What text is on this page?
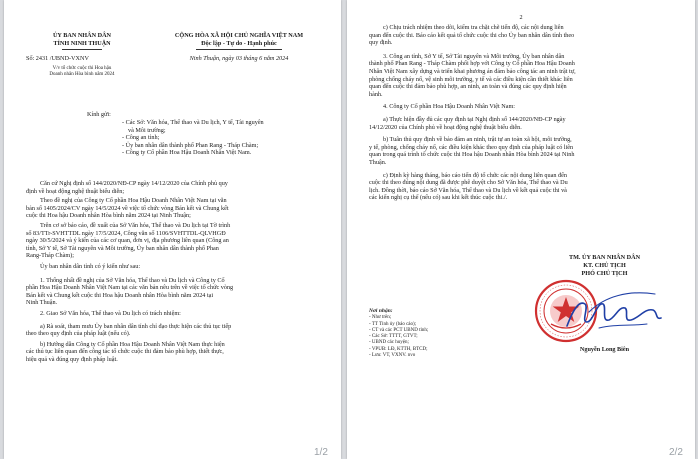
ỦY BAN NHÂN DÂN
TỈNH NINH THUẬN
CỘNG HÒA XÃ HỘI CHỦ NGHĨA VIỆT NAM
Độc lập - Tự do - Hạnh phúc
Số: 2431 /UBND-VXNV	Ninh Thuận, ngày 03 tháng 6 năm 2024
V/v tổ chức cuộc thi Hoa hậu
Doanh nhân Hòa bình năm 2024
Kính gửi:
- Các Sở: Văn hóa, Thể thao và Du lịch, Y tế, Tài nguyên
và Môi trường;
- Công an tỉnh;
- Ủy ban nhân dân thành phố Phan Rang - Tháp Chàm;
- Công ty Cổ phần Hoa Hậu Doanh Nhân Việt Nam.
Căn cứ Nghị định số 144/2020/NĐ-CP ngày 14/12/2020 của Chính phủ quy
định về hoạt động nghệ thuật biểu diễn;
Theo đề nghị của Công ty Cổ phần Hoa Hậu Doanh Nhân Việt Nam tại văn
bản số 1405/2024/CV ngày 14/5/2024 về việc tổ chức vòng Bán kết và Chung kết
cuộc thi Hoa hậu Doanh nhân Hòa bình năm 2024 tại Ninh Thuận;
Trên cơ sở báo cáo, đề xuất của Sở Văn hóa, Thể thao và Du lịch tại Tờ trình
số 83/TTr-SVHTTDL ngày 17/5/2024, Công văn số 1106/SVHTTDL-QLVHGĐ
ngày 30/5/2024 và ý kiến của các cơ quan, đơn vị, địa phương liên quan (Công an
tỉnh, Sở Y tế, Sở Tài nguyên và Môi trường, Ủy ban nhân dân thành phố Phan
Rang-Tháp Chàm);
Ủy ban nhân dân tỉnh có ý kiến như sau:
1. Thống nhất đề nghị của Sở Văn hóa, Thể thao và Du lịch và Công ty Cổ
phần Hoa Hậu Doanh Nhân Việt Nam tại các văn bản nêu trên về việc tổ chức vòng
Bán kết và Chung kết cuộc thi Hoa hậu Doanh nhân Hòa bình năm 2024 tại
Ninh Thuận.
2. Giao Sở Văn hóa, Thể thao và Du lịch có trách nhiệm:
a) Rà soát, tham mưu Ủy ban nhân dân tỉnh chỉ đạo thực hiện các thủ tục tiếp
theo theo quy định của pháp luật (nếu có).
b) Hướng dẫn Công ty Cổ phần Hoa Hậu Doanh Nhân Việt Nam thực hiện
các thủ tục liên quan đến công tác tổ chức cuộc thi đảm bảo phù hợp, thiết thực,
hiệu quả và đúng quy định pháp luật.
1/2
2
c) Chịu trách nhiệm theo dõi, kiểm tra chặt chẽ tiến độ, các nội dung liên
quan đến cuộc thi. Báo cáo kết quả tổ chức cuộc thi cho Ủy ban nhân dân tỉnh theo
quy định.
3. Công an tỉnh, Sở Y tế, Sở Tài nguyên và Môi trường, Ủy ban nhân dân
thành phố Phan Rang - Tháp Chàm phối hợp với Công ty Cổ phần Hoa Hậu Doanh
Nhân Việt Nam xây dựng và triển khai phương án đảm bảo công tác an ninh trật tự,
phòng chống cháy nổ, vệ sinh môi trường, y tế và các điều kiện cần thiết khác liên
quan đến cuộc thi đảm bảo phù hợp, an ninh, an toàn và đúng các quy định hiện
hành.
4. Công ty Cổ phần Hoa Hậu Doanh Nhân Việt Nam:
a) Thực hiện đầy đủ các quy định tại Nghị định số 144/2020/NĐ-CP ngày
14/12/2020 của Chính phủ về hoạt động nghệ thuật biểu diễn.
b) Tuân thủ quy định về bảo đảm an ninh, trật tự an toàn xã hội, môi trường,
y tế, phòng, chống cháy nổ, các điều kiện khác theo quy định của pháp luật có liên
quan trong quá trình tổ chức cuộc thi Hoa hậu Doanh nhân Hòa bình 2024 tại Ninh
Thuận.
c) Định kỳ hàng tháng, báo cáo tiến độ tổ chức các nội dung liên quan đến
cuộc thi theo đúng nội dung đã được phê duyệt cho Sở Văn hóa, Thể thao và Du
lịch. Đồng thời, báo cáo Sở Văn hóa, Thể thao và Du lịch về kết quả cuộc thi và
các kiến nghị cụ thể (nếu có) sau khi kết thúc cuộc thi./.
Nơi nhận:
- Như trên;
- TT Tỉnh ủy (báo cáo);
- CT và các PCT UBND tỉnh;
- Các Sở: TTTT, GTVT;
- UBND các huyện;
- VPUB: LĐ, KTTH, BTCD;
- Lưu: VT, VXNV. nvo
TM. ỦY BAN NHÂN DÂN
KT. CHỦ TỊCH
PHÓ CHỦ TỊCH
Nguyễn Long Biên
2/2
